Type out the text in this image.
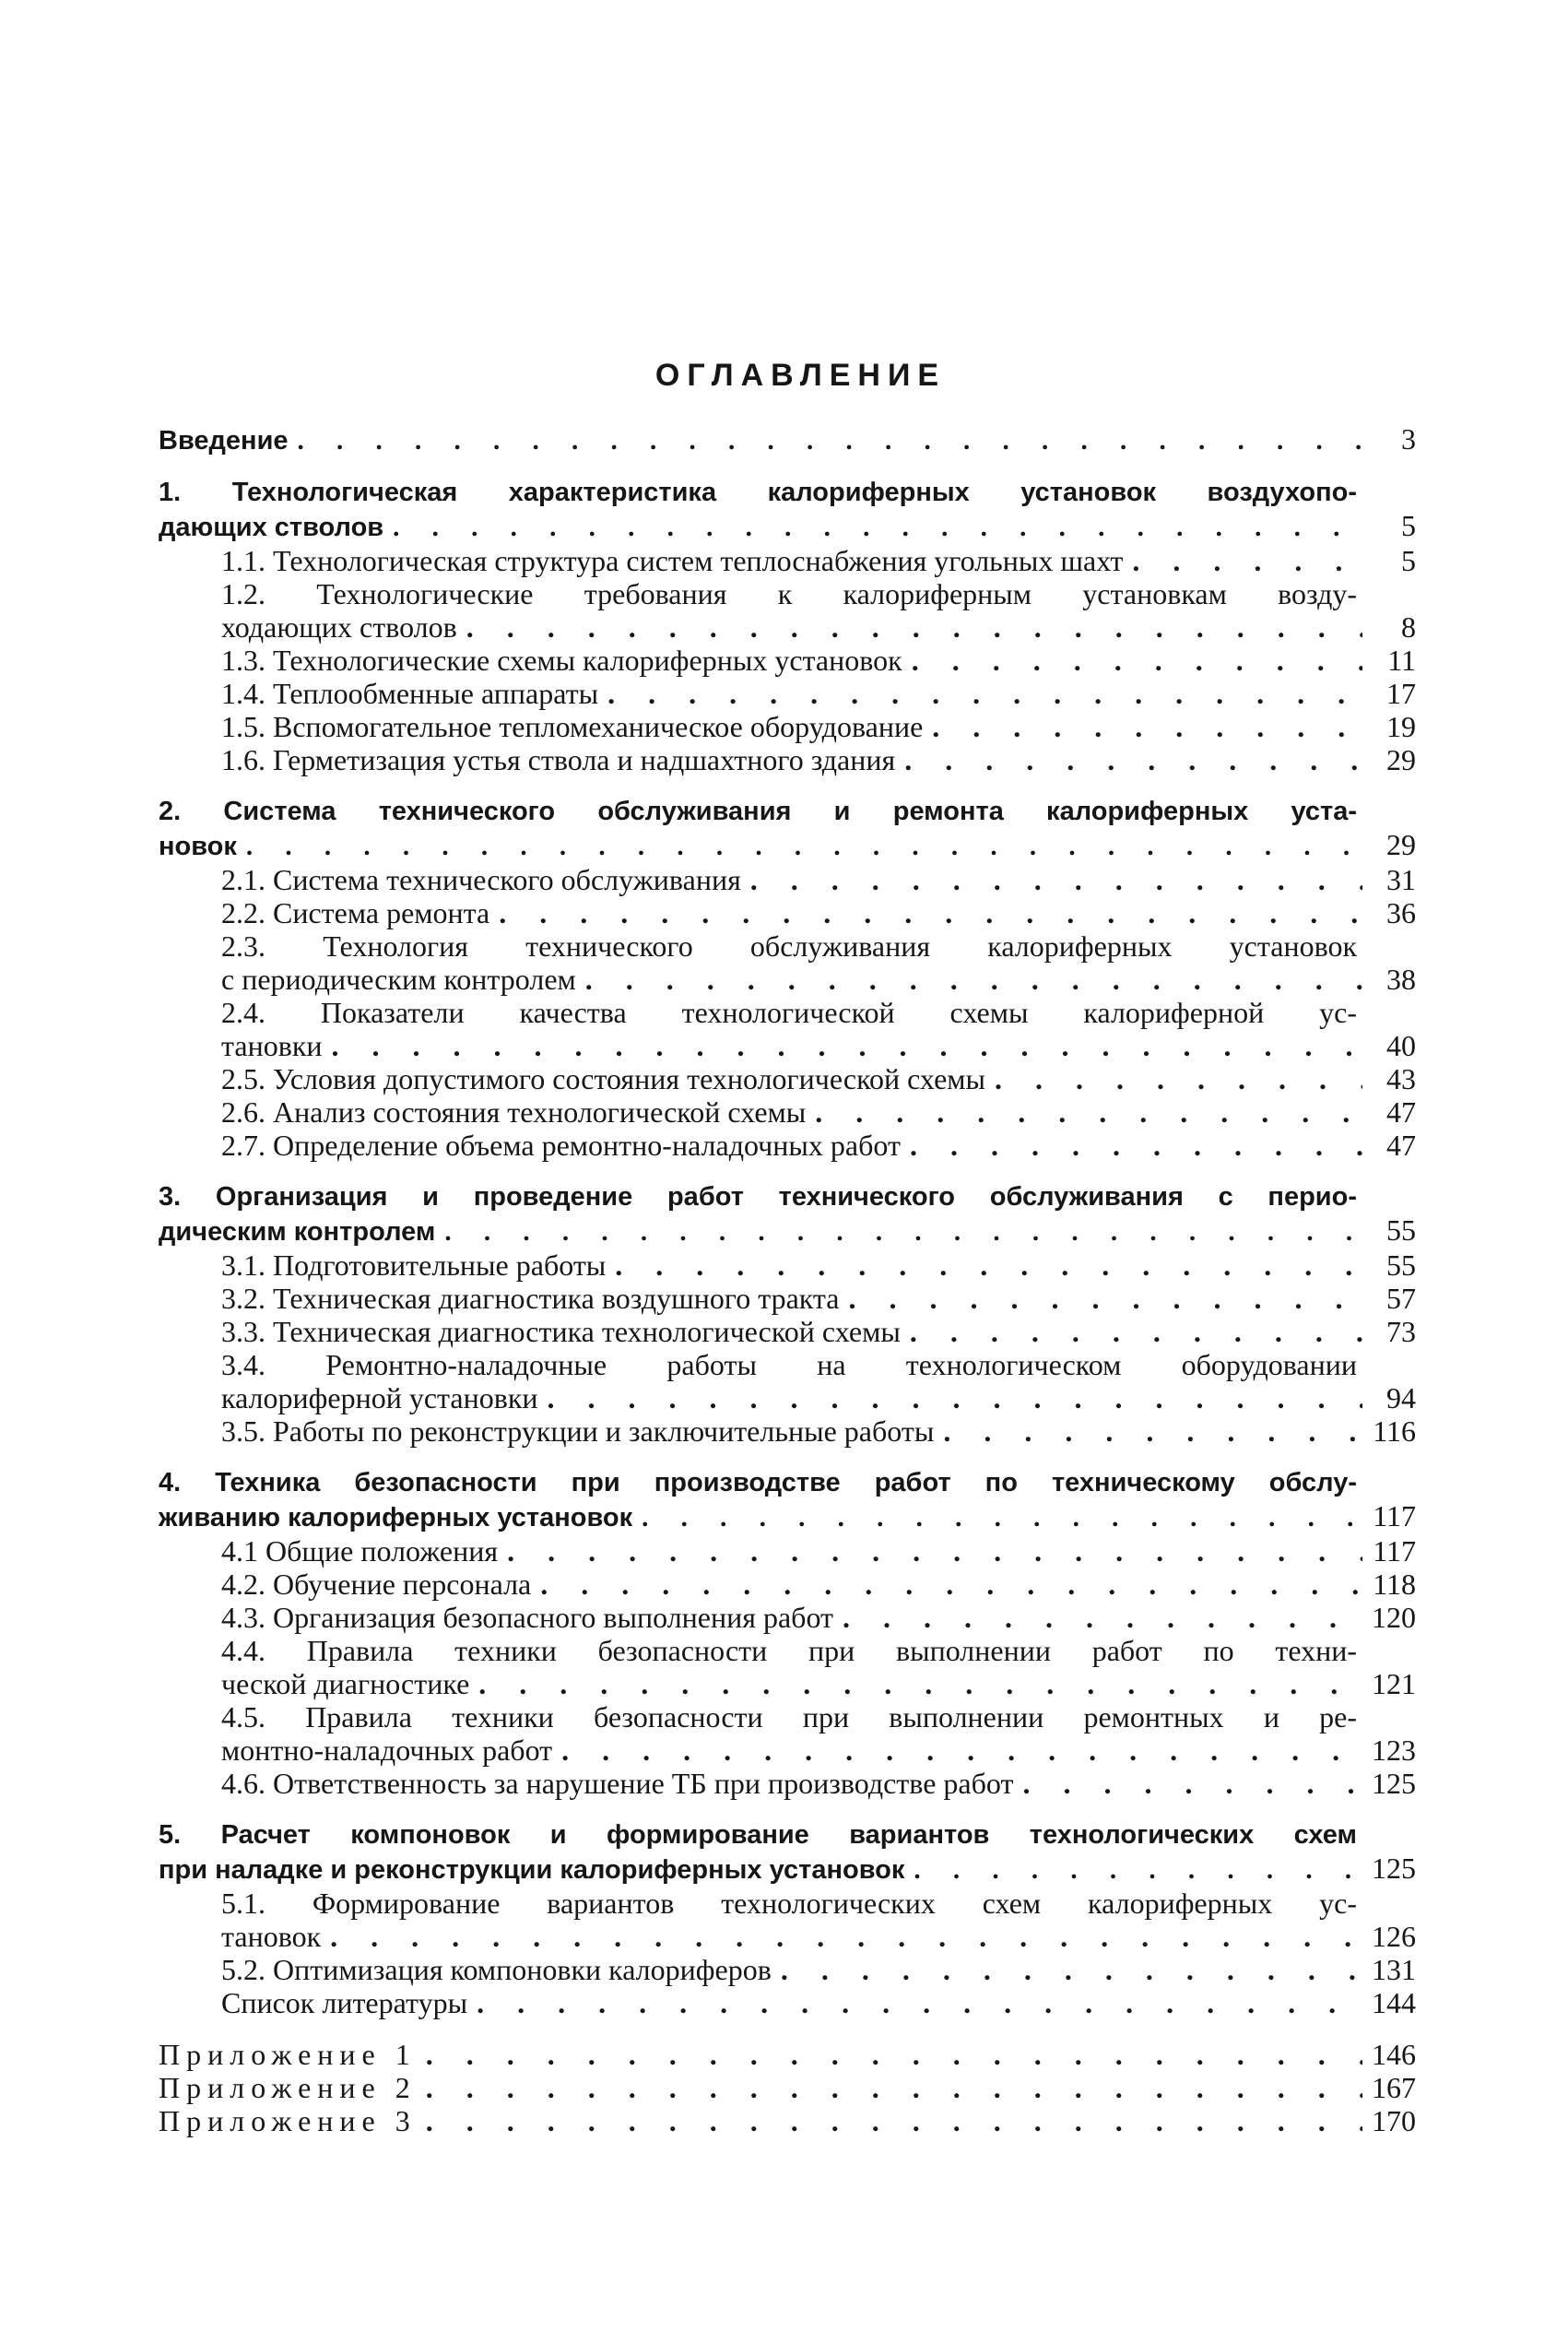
ОГЛАВЛЕНИЕ
Введение . . .	3
1. Технологическая характеристика калориферных установок воздухопо-
дающих стволов . . .	5
1.1. Технологическая структура систем теплоснабжения угольных шахт . . .	5
1.2. Технологические требования к калориферным установкам возду-
ходающих стволов . . .	8
1.3. Технологические схемы калориферных установок . . .	11
1.4. Теплообменные аппараты . . .	17
1.5. Вспомогательное тепломеханическое оборудование . . .	19
1.6. Герметизация устья ствола и надшахтного здания . . .	29
2. Система технического обслуживания и ремонта калориферных уста-
новок . . .	29
2.1. Система технического обслуживания . . .	31
2.2. Система ремонта . . .	36
2.3. Технология технического обслуживания калориферных установок
с периодическим контролем . . .	38
2.4. Показатели качества технологической схемы калориферной ус-
тановки . . .	40
2.5. Условия допустимого состояния технологической схемы . . .	43
2.6. Анализ состояния технологической схемы . . .	47
2.7. Определение объема ремонтно-наладочных работ . . .	47
3. Организация и проведение работ технического обслуживания с перио-
дическим контролем . . .	55
3.1. Подготовительные работы . . .	55
3.2. Техническая диагностика воздушного тракта . . .	57
3.3. Техническая диагностика технологической схемы . . .	73
3.4. Ремонтно-наладочные работы на технологическом оборудовании
калориферной установки . . .	94
3.5. Работы по реконструкции и заключительные работы . . .	116
4. Техника безопасности при производстве работ по техническому обслу-
живанию калориферных установок . . .	117
4.1 Общие положения . . .	117
4.2. Обучение персонала . . .	118
4.3. Организация безопасного выполнения работ . . .	120
4.4. Правила техники безопасности при выполнении работ по техни-
ческой диагностике . . .	121
4.5. Правила техники безопасности при выполнении ремонтных и ре-
монтно-наладочных работ . . .	123
4.6. Ответственность за нарушение ТБ при производстве работ . . .	125
5. Расчет компоновок и формирование вариантов технологических схем
при наладке и реконструкции калориферных установок . . .	125
5.1. Формирование вариантов технологических схем калориферных ус-
тановок . . .	126
5.2. Оптимизация компоновки калориферов . . .	131
Список литературы . . .	144
Приложение 1 . . .	146
Приложение 2 . . .	167
Приложение 3 . . .	170
